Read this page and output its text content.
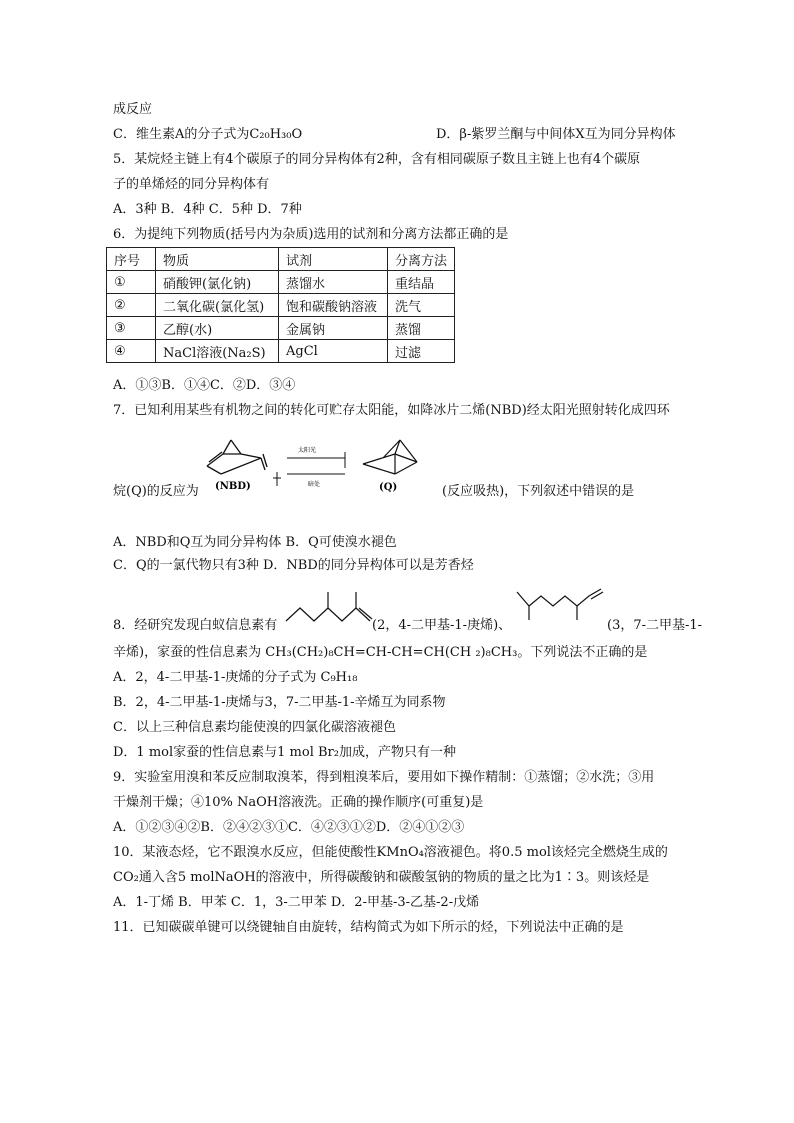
成反应
C．维生素A的分子式为C₂₀H₃₀O	D．β-紫罗兰酮与中间体X互为同分异构体
5．某烷烃主链上有4个碳原子的同分异构体有2种，含有相同碳原子数且主链上也有4个碳原
子的单烯烃的同分异构体有
A．3种 B．4种 C．5种 D．7种
6．为提纯下列物质(括号内为杂质)选用的试剂和分离方法都正确的是
序号	物质	试剂	分离方法
①	硝酸钾(氯化钠)	蒸馏水	重结晶
②	二氧化碳(氯化氢)	饱和碳酸钠溶液	洗气
③	乙醇(水)	金属钠	蒸馏
④	NaCl溶液(Na₂S)	AgCl	过滤
A．①③B．①④C．②D．③④
7．已知利用某些有机物之间的转化可贮存太阳能，如降冰片二烯(NBD)经太阳光照射转化成四环
(NBD)
太阳光
暗处	(Q)
烷(Q)的反应为	(反应吸热)，下列叙述中错误的是
A．NBD和Q互为同分异构体 B．Q可使溴水褪色
C．Q的一氯代物只有3种 D．NBD的同分异构体可以是芳香烃
8．经研究发现白蚁信息素有	(2，4-二甲基-1-庚烯)、	(3，7-二甲基-1-
辛烯)，家蚕的性信息素为 CH₃(CH₂)₈CH=CH-CH=CH(CH ₂)₈CH₃。下列说法不正确的是
A．2，4-二甲基-1-庚烯的分子式为 C₉H₁₈
B．2，4-二甲基-1-庚烯与3，7-二甲基-1-辛烯互为同系物
C．以上三种信息素均能使溴的四氯化碳溶液褪色
D．1 mol家蚕的性信息素与1 mol Br₂加成，产物只有一种
9．实验室用溴和苯反应制取溴苯，得到粗溴苯后，要用如下操作精制：①蒸馏；②水洗；③用
干燥剂干燥；④10% NaOH溶液洗。正确的操作顺序(可重复)是
A．①②③④②B．②④②③①C．④②③①②D．②④①②③
10．某液态烃，它不跟溴水反应，但能使酸性KMnO₄溶液褪色。将0.5 mol该烃完全燃烧生成的
CO₂通入含5 molNaOH的溶液中，所得碳酸钠和碳酸氢钠的物质的量之比为1∶3。则该烃是
A．1-丁烯 B．甲苯 C．1，3-二甲苯 D．2-甲基-3-乙基-2-戊烯
11．已知碳碳单键可以绕键轴自由旋转，结构简式为如下所示的烃，下列说法中正确的是
